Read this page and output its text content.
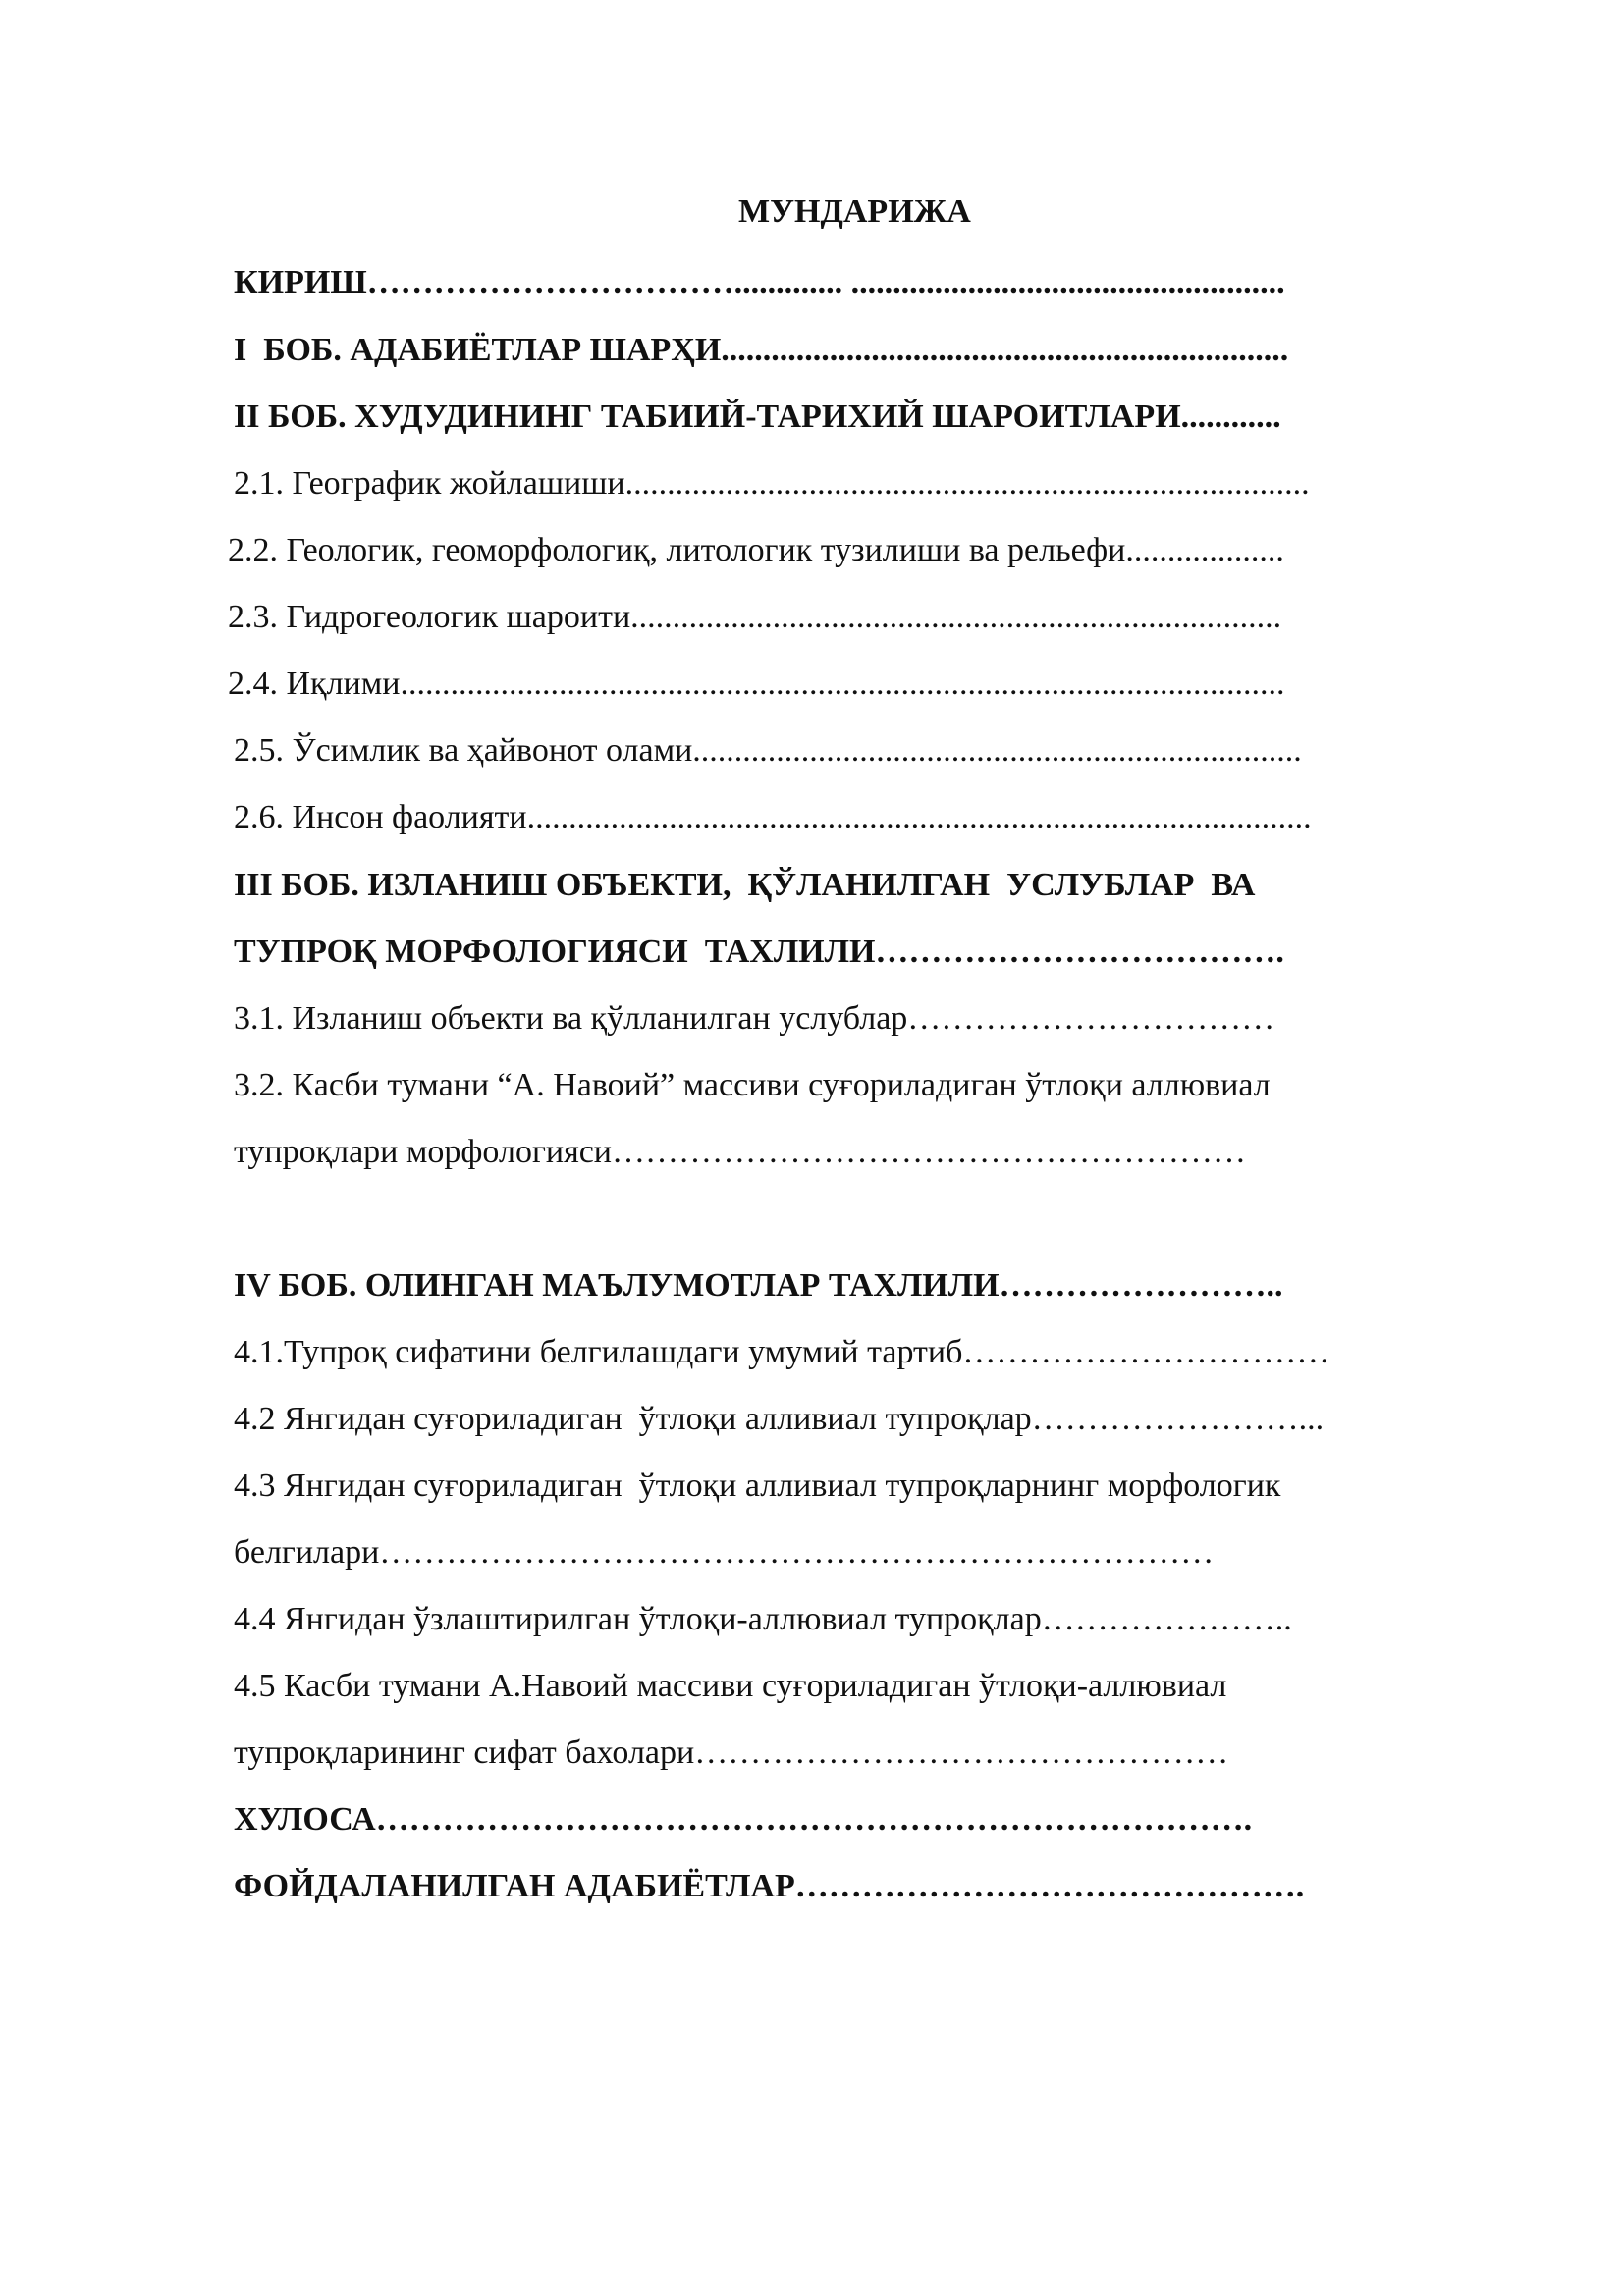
МУНДАРИЖА
КИРИШ……………………………............. ....................................................
I  БОБ. АДАБИЁТЛАР ШАРҲИ....................................................................
II БОБ. ХУДУДИНИНГ ТАБИИЙ-ТАРИХИЙ ШАРОИТЛАРИ............
2.1. Географик жойлашиши..................................................................................
2.2. Геологик, геоморфологиқ, литологик тузилиши ва рельефи...................
2.3. Гидрогеологик шароити..............................................................................
2.4. Иқлими..........................................................................................................
2.5. Ўсимлик ва ҳайвонот олами.........................................................................
2.6. Инсон фаолияти..............................................................................................
III БОБ. ИЗЛАНИШ ОБЪЕКТИ,  ҚЎЛАНИЛГАН  УСЛУБЛАР  ВА
ТУПРОҚ МОРФОЛОГИЯСИ  ТАХЛИЛИ……………………………….
3.1. Изланиш объекти ва қўлланилган услублар……………………………
3.2. Касби тумани “А. Навоий” массиви суғориладиган ўтлоқи аллювиал
тупроқлари морфологияси…………………………………………………
IV БОБ. ОЛИНГАН МАЪЛУМОТЛАР ТАХЛИЛИ……………………..
4.1.Тупроқ сифатини белгилашдаги умумий тартиб……………………………
4.2 Янгидан суғориладиган  ўтлоқи алливиал тупроқлар……………………...
4.3 Янгидан суғориладиган  ўтлоқи алливиал тупроқларнинг морфологик
белгилари…………………………………………………………………
4.4 Янгидан ўзлаштирилган ўтлоқи-аллювиал тупроқлар…………………..
4.5 Касби тумани А.Навоий массиви суғориладиган ўтлоқи-аллювиал
тупроқларининг сифат бахолари…………………………………………
ХУЛОСА…………………………………………………………………….
ФОЙДАЛАНИЛГАН АДАБИЁТЛАР……………………………………….
